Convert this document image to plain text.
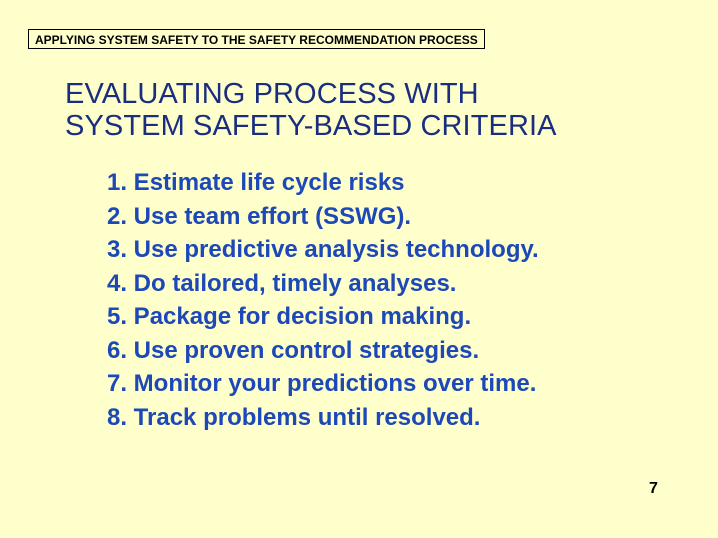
APPLYING SYSTEM SAFETY TO THE SAFETY RECOMMENDATION PROCESS
EVALUATING PROCESS WITH
SYSTEM SAFETY-BASED CRITERIA
1. Estimate life cycle risks
2. Use team effort (SSWG).
3. Use predictive analysis technology.
4. Do tailored, timely analyses.
5. Package for decision making.
6. Use proven control strategies.
7. Monitor your predictions over time.
8. Track problems until resolved.
7
